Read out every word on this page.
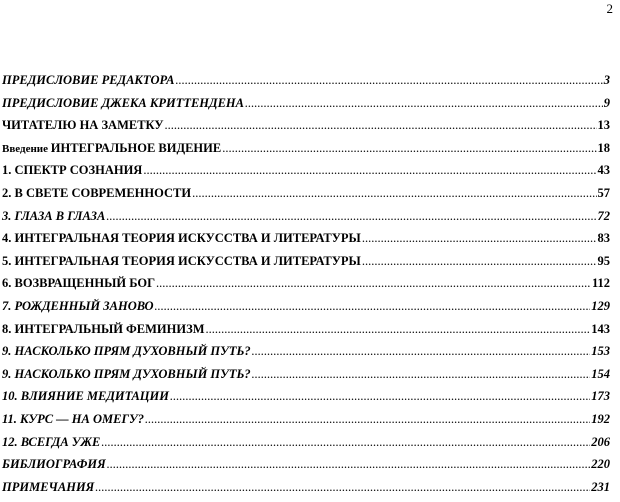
2
ПРЕДИСЛОВИЕ РЕДАКТОРА .....	3
ПРЕДИСЛОВИЕ ДЖЕКА КРИТТЕНДЕНА .....	9
ЧИТАТЕЛЮ НА ЗАМЕТКУ .....	13
Введение ИНТЕГРАЛЬНОЕ ВИДЕНИЕ .....	18
1. СПЕКТР СОЗНАНИЯ .....	43
2. В СВЕТЕ СОВРЕМЕННОСТИ .....	57
3. ГЛАЗА В ГЛАЗА .....	72
4. ИНТЕГРАЛЬНАЯ ТЕОРИЯ ИСКУССТВА И ЛИТЕРАТУРЫ .....	83
5. ИНТЕГРАЛЬНАЯ ТЕОРИЯ ИСКУССТВА И ЛИТЕРАТУРЫ .....	95
6. ВОЗВРАЩЕННЫЙ БОГ .....	112
7. РОЖДЕННЫЙ ЗАНОВО .....	129
8. ИНТЕГРАЛЬНЫЙ ФЕМИНИЗМ .....	143
9. НАСКОЛЬКО ПРЯМ ДУХОВНЫЙ ПУТЬ? .....	153
9. НАСКОЛЬКО ПРЯМ ДУХОВНЫЙ ПУТЬ? .....	154
10. ВЛИЯНИЕ МЕДИТАЦИИ .....	173
11. КУРС — НА ОМЕГУ? .....	192
12. ВСЕГДА УЖЕ .....	206
БИБЛИОГРАФИЯ .....	220
ПРИМЕЧАНИЯ .....	231
